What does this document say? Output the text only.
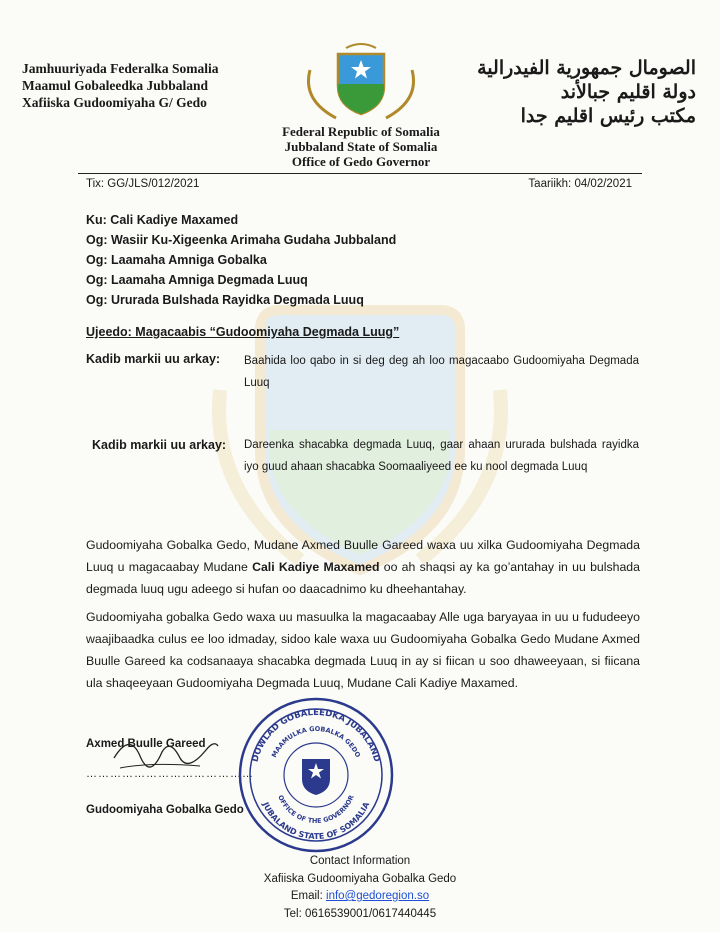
Jamhuuriyada Federalka Somalia
Maamul Gobaleedka Jubbaland
Xafiiska Gudoomiyaha G/ Gedo
الصومال جمهورية الفيدرالية
دولة اقليم جبالأند
مكتب رئيس اقليم جدا
Federal Republic of Somalia
Jubbaland State of Somalia
Office of Gedo Governor
Tix: GG/JLS/012/2021	Taariikh: 04/02/2021
Ku: Cali Kadiye Maxamed
Og: Wasiir Ku-Xigeenka Arimaha Gudaha Jubbaland
Og: Laamaha Amniga Gobalka
Og: Laamaha Amniga Degmada Luuq
Og: Ururada Bulshada Rayidka Degmada Luuq
Ujeedo: Magacaabis “Gudoomiyaha Degmada Luug”
Kadib markii uu arkay: Baahida loo qabo in si deg deg ah loo magacaabo Gudoomiyaha Degmada Luuq
Kadib markii uu arkay: Dareenka shacabka degmada Luuq, gaar ahaan ururada bulshada rayidka iyo guud ahaan shacabka Soomaaliyeed ee ku nool degmada Luuq
Gudoomiyaha Gobalka Gedo, Mudane Axmed Buulle Gareed waxa uu xilka Gudoomiyaha Degmada Luuq u magacaabay Mudane Cali Kadiye Maxamed oo ah shaqsi ay ka go’antahay in uu bulshada degmada luuq ugu adeego si hufan oo daacadnimo ku dheehantahay.
Gudoomiyaha gobalka Gedo waxa uu masuulka la magacaabay Alle uga baryayaa in uu u fududeeyo waajibaadka culus ee loo idmaday, sidoo kale waxa uu Gudoomiyaha Gobalka Gedo Mudane Axmed Buulle Gareed ka codsanaaya shacabka degmada Luuq in ay si fiican u soo dhaweeyaan, si fiicana ula shaqeeyaan Gudoomiyaha Degmada Luuq, Mudane Cali Kadiye Maxamed.
Axmed Buulle Gareed
……………………………………
Gudoomiyaha Gobalka Gedo
DOWLAD GOBALEEDKA JUBALAND
MAAMULKA GOBALKA GEDO
OFFICE OF THE GOVERNOR
JUBALAND STATE OF SOMALIA
Contact Information
Xafiiska Gudoomiyaha Gobalka Gedo
Email: info@gedoregion.so
Tel: 0616539001/0617440445
